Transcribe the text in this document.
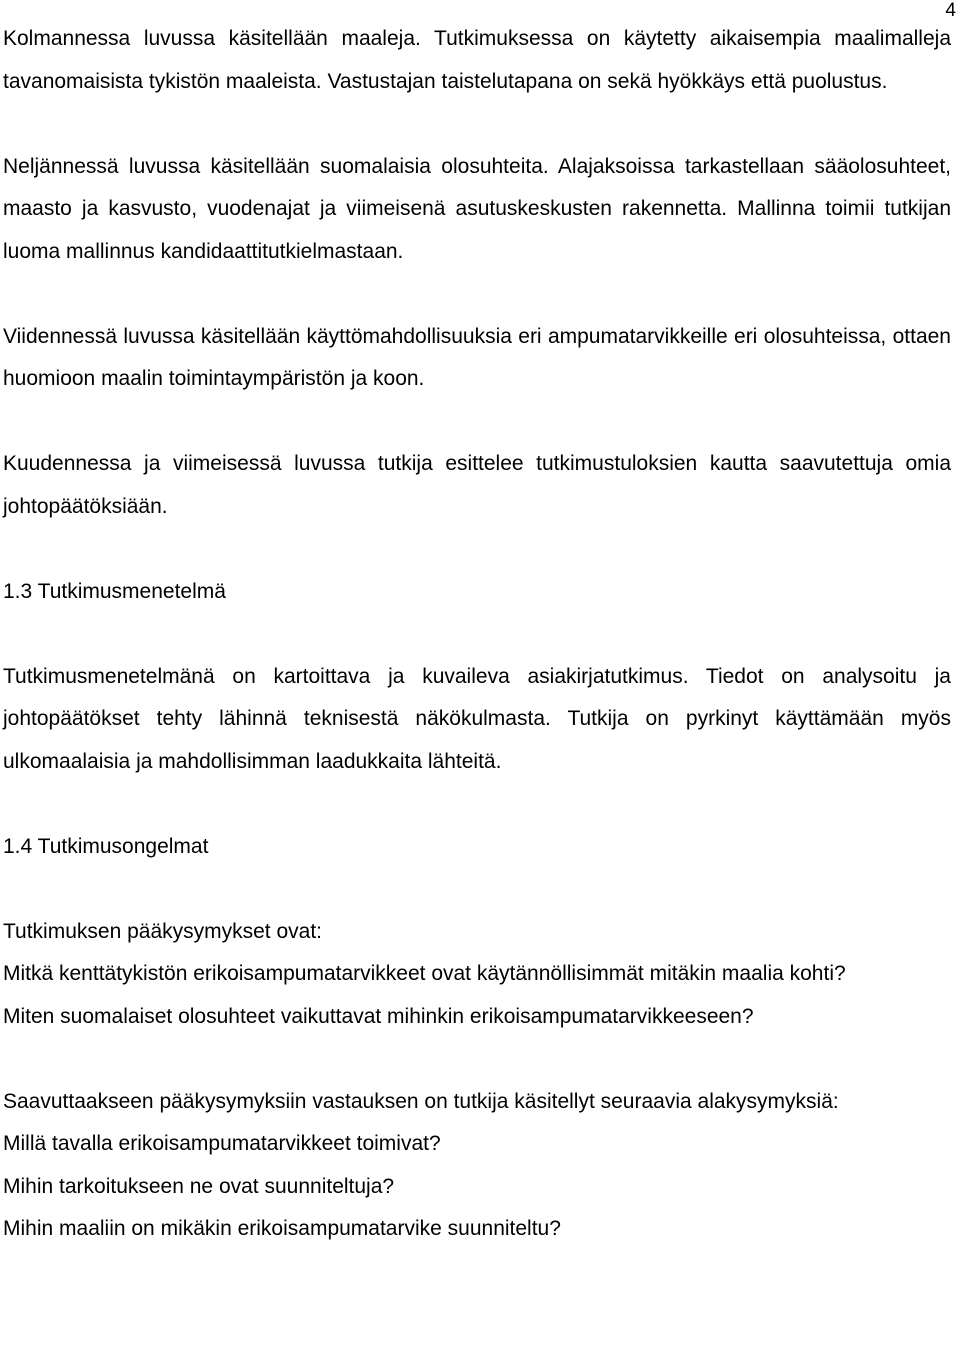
4

Kolmannessa luvussa käsitellään maaleja. Tutkimuksessa on käytetty aikaisempia maalimalleja tavanomaisista tykistön maaleista. Vastustajan taistelutapana on sekä hyökkäys että puolustus.

Neljännessä luvussa käsitellään suomalaisia olosuhteita. Alajaksoissa tarkastellaan sääolosuhteet, maasto ja kasvusto, vuodenajat ja viimeisenä asutuskeskusten rakennetta. Mallinna toimii tutkijan luoma mallinnus kandidaattitutkielmastaan.

Viidennessä luvussa käsitellään käyttömahdollisuuksia eri ampumatarvikkeille eri olosuhteissa, ottaen huomioon maalin toimintaympäristön ja koon.

Kuudennessa ja viimeisessä luvussa tutkija esittelee tutkimustuloksien kautta saavutettuja omia johtopäätöksiään.

1.3 Tutkimusmenetelmä

Tutkimusmenetelmänä on kartoittava ja kuvaileva asiakirjatutkimus. Tiedot on analysoitu ja johtopäätökset tehty lähinnä teknisestä näkökulmasta. Tutkija on pyrkinyt käyttämään myös ulkomaalaisia ja mahdollisimman laadukkaita lähteitä.

1.4 Tutkimusongelmat

Tutkimuksen pääkysymykset ovat:

Mitkä kenttätykistön erikoisampumatarvikkeet ovat käytännöllisimmät mitäkin maalia kohti?

Miten suomalaiset olosuhteet vaikuttavat mihinkin erikoisampumatarvikkeeseen?

Saavuttaakseen pääkysymyksiin vastauksen on tutkija käsitellyt seuraavia alakysymyksiä:

Millä tavalla erikoisampumatarvikkeet toimivat?

Mihin tarkoitukseen ne ovat suunniteltuja?

Mihin maaliin on mikäkin erikoisampumatarvike suunniteltu?
